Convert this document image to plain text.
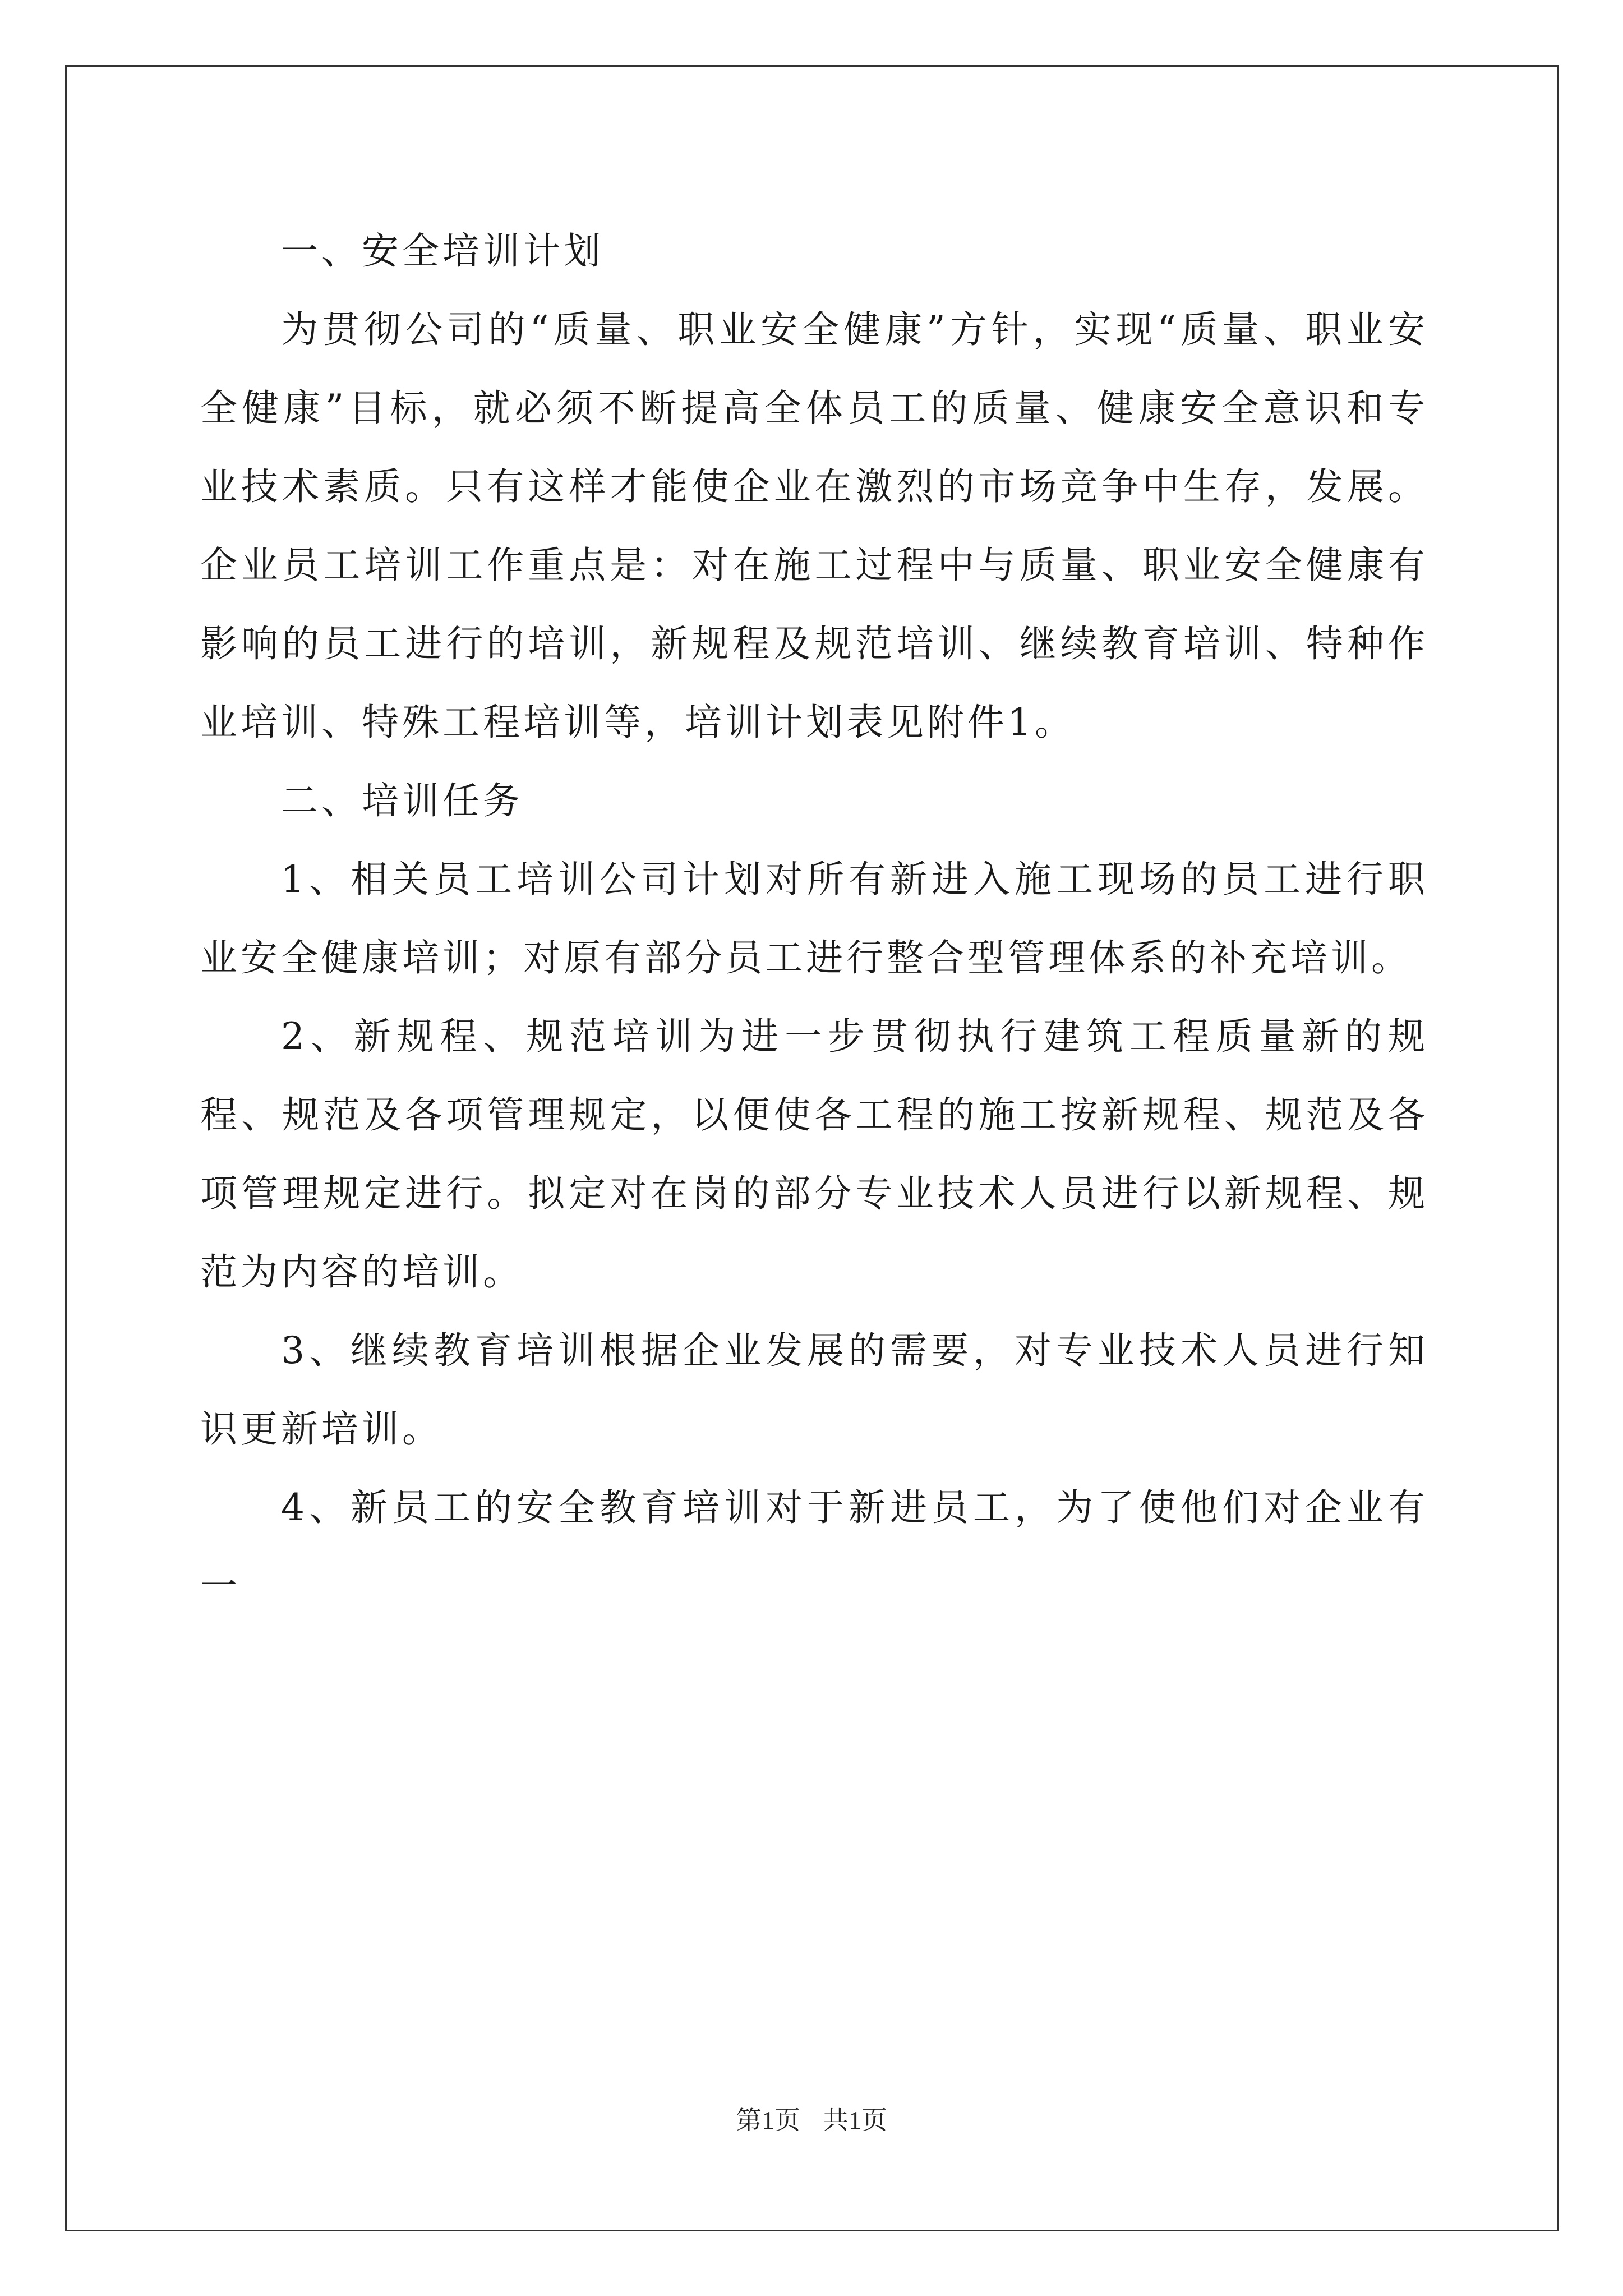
一、安全培训计划

为贯彻公司的“质量、职业安全健康”方针，实现“质量、职业安全健康”目标，就必须不断提高全体员工的质量、健康安全意识和专业技术素质。只有这样才能使企业在激烈的市场竞争中生存，发展。企业员工培训工作重点是：对在施工过程中与质量、职业安全健康有影响的员工进行的培训，新规程及规范培训、继续教育培训、特种作业培训、特殊工程培训等，培训计划表见附件1。

二、培训任务

1、相关员工培训公司计划对所有新进入施工现场的员工进行职业安全健康培训；对原有部分员工进行整合型管理体系的补充培训。

2、新规程、规范培训为进一步贯彻执行建筑工程质量新的规程、规范及各项管理规定，以便使各工程的施工按新规程、规范及各项管理规定进行。拟定对在岗的部分专业技术人员进行以新规程、规范为内容的培训。

3、继续教育培训根据企业发展的需要，对专业技术人员进行知识更新培训。

4、新员工的安全教育培训对于新进员工，为了使他们对企业有一

第1页 共1页
